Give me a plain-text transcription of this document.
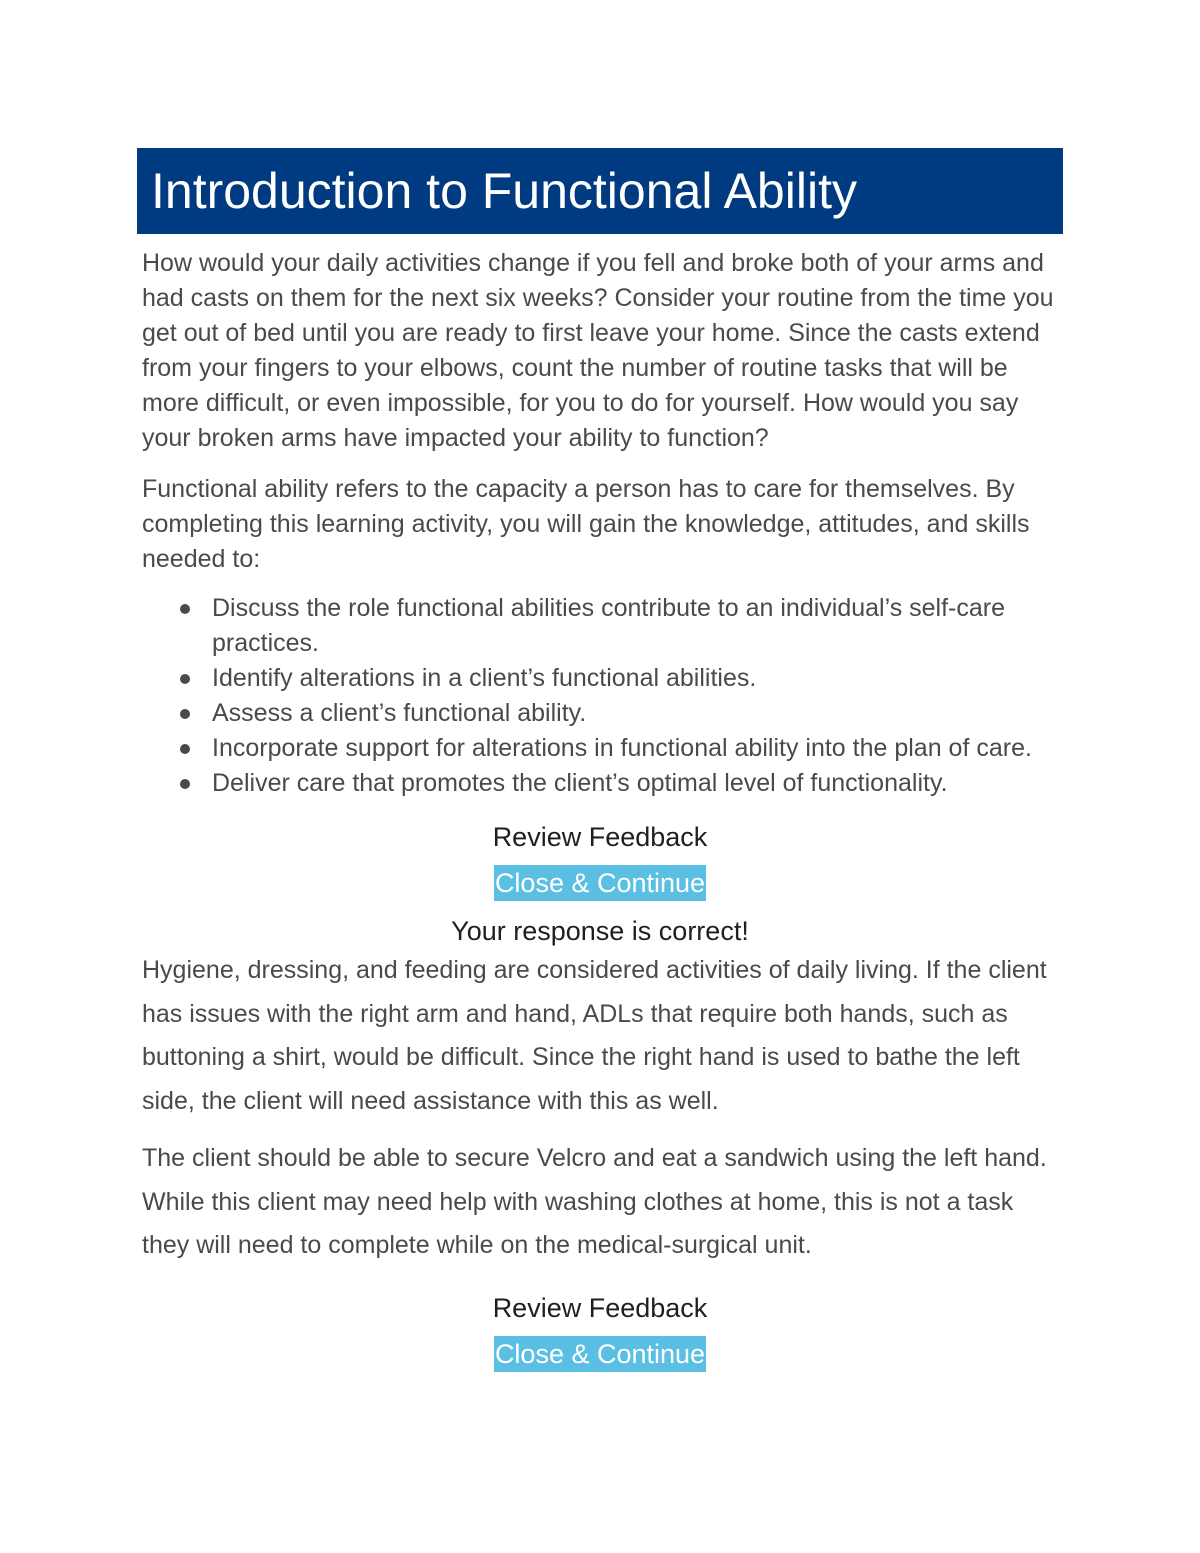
Introduction to Functional Ability

How would your daily activities change if you fell and broke both of your arms and had casts on them for the next six weeks? Consider your routine from the time you get out of bed until you are ready to first leave your home. Since the casts extend from your fingers to your elbows, count the number of routine tasks that will be more difficult, or even impossible, for you to do for yourself. How would you say your broken arms have impacted your ability to function?

Functional ability refers to the capacity a person has to care for themselves. By completing this learning activity, you will gain the knowledge, attitudes, and skills needed to:

Discuss the role functional abilities contribute to an individual’s self-care practices.
Identify alterations in a client’s functional abilities.
Assess a client’s functional ability.
Incorporate support for alterations in functional ability into the plan of care.
Deliver care that promotes the client’s optimal level of functionality.
Review Feedback
Close & Continue
Your response is correct!

Hygiene, dressing, and feeding are considered activities of daily living. If the client has issues with the right arm and hand, ADLs that require both hands, such as buttoning a shirt, would be difficult. Since the right hand is used to bathe the left side, the client will need assistance with this as well.

The client should be able to secure Velcro and eat a sandwich using the left hand. While this client may need help with washing clothes at home, this is not a task they will need to complete while on the medical-surgical unit.

Review Feedback
Close & Continue
